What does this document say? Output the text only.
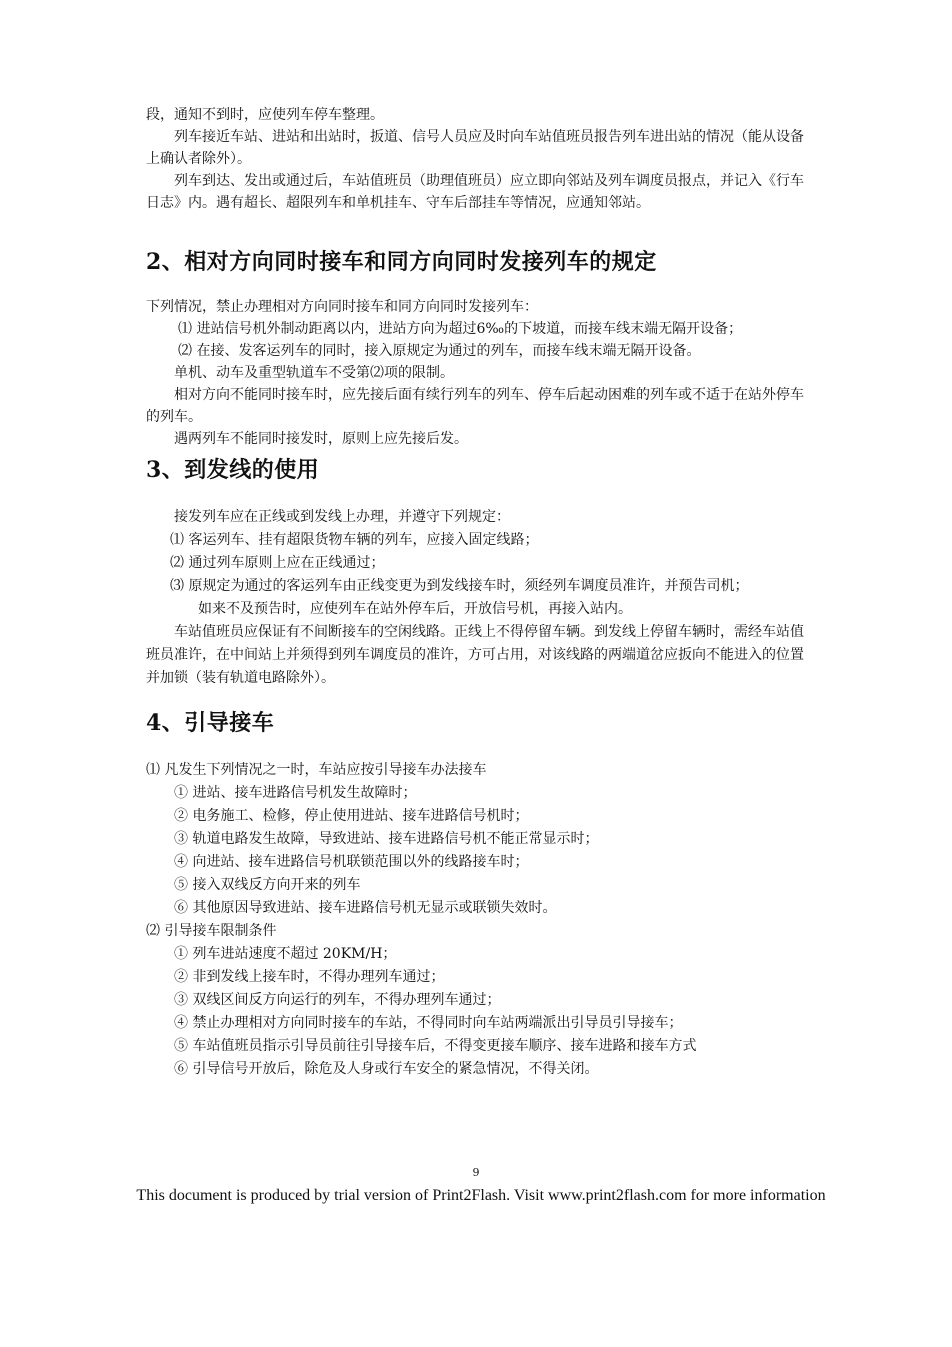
段，通知不到时，应使列车停车整理。

列车接近车站、进站和出站时，扳道、信号人员应及时向车站值班员报告列车进出站的情况（能从设备上确认者除外）。

列车到达、发出或通过后，车站值班员（助理值班员）应立即向邻站及列车调度员报点，并记入《行车日志》内。遇有超长、超限列车和单机挂车、守车后部挂车等情况，应通知邻站。

2、相对方向同时接车和同方向同时发接列车的规定

下列情况，禁止办理相对方向同时接车和同方向同时发接列车：

⑴ 进站信号机外制动距离以内，进站方向为超过6‰的下坡道，而接车线末端无隔开设备；

⑵ 在接、发客运列车的同时，接入原规定为通过的列车，而接车线末端无隔开设备。

单机、动车及重型轨道车不受第⑵项的限制。

相对方向不能同时接车时，应先接后面有续行列车的列车、停车后起动困难的列车或不适于在站外停车的列车。

遇两列车不能同时接发时，原则上应先接后发。

3、到发线的使用

接发列车应在正线或到发线上办理，并遵守下列规定：

⑴ 客运列车、挂有超限货物车辆的列车，应接入固定线路；

⑵ 通过列车原则上应在正线通过；

⑶ 原规定为通过的客运列车由正线变更为到发线接车时，须经列车调度员准许，并预告司机；

如来不及预告时，应使列车在站外停车后，开放信号机，再接入站内。

车站值班员应保证有不间断接车的空闲线路。正线上不得停留车辆。到发线上停留车辆时，需经车站值班员准许，在中间站上并须得到列车调度员的准许，方可占用，对该线路的两端道岔应扳向不能进入的位置并加锁（装有轨道电路除外）。

4、引导接车

⑴ 凡发生下列情况之一时，车站应按引导接车办法接车

① 进站、接车进路信号机发生故障时；

② 电务施工、检修，停止使用进站、接车进路信号机时；

③ 轨道电路发生故障，导致进站、接车进路信号机不能正常显示时；

④ 向进站、接车进路信号机联锁范围以外的线路接车时；

⑤ 接入双线反方向开来的列车

⑥ 其他原因导致进站、接车进路信号机无显示或联锁失效时。

⑵ 引导接车限制条件

① 列车进站速度不超过 20KM/H；

② 非到发线上接车时，不得办理列车通过；

③ 双线区间反方向运行的列车，不得办理列车通过；

④ 禁止办理相对方向同时接车的车站，不得同时向车站两端派出引导员引导接车；

⑤ 车站值班员指示引导员前往引导接车后，不得变更接车顺序、接车进路和接车方式

⑥ 引导信号开放后，除危及人身或行车安全的紧急情况，不得关闭。

9
This document is produced by trial version of Print2Flash. Visit www.print2flash.com for more information
